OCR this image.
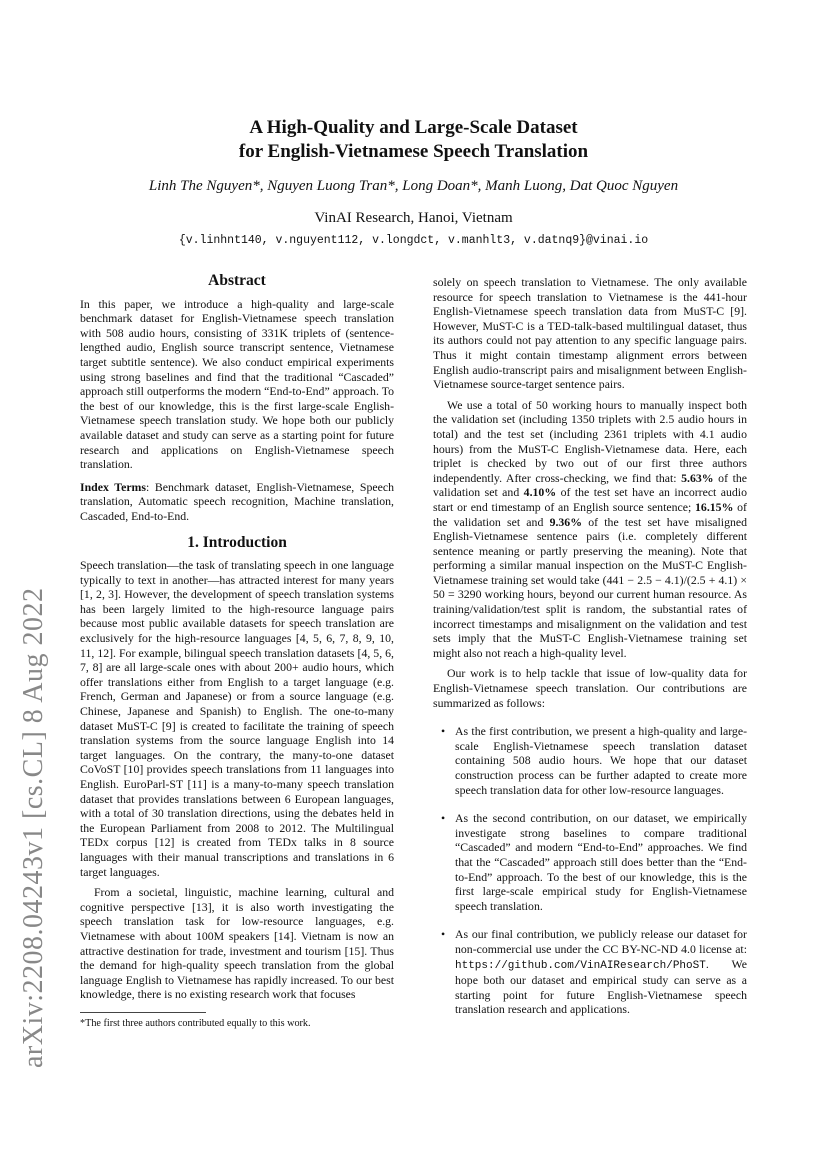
arXiv:2208.04243v1 [cs.CL] 8 Aug 2022
A High-Quality and Large-Scale Dataset
for English-Vietnamese Speech Translation
Linh The Nguyen*, Nguyen Luong Tran*, Long Doan*, Manh Luong, Dat Quoc Nguyen
VinAI Research, Hanoi, Vietnam
{v.linhnt140, v.nguyent112, v.longdct, v.manhlt3, v.datnq9}@vinai.io
Abstract

In this paper, we introduce a high-quality and large-scale benchmark dataset for English-Vietnamese speech translation with 508 audio hours, consisting of 331K triplets of (sentence-lengthed audio, English source transcript sentence, Vietnamese target subtitle sentence). We also conduct empirical experiments using strong baselines and find that the traditional “Cascaded” approach still outperforms the modern “End-to-End” approach. To the best of our knowledge, this is the first large-scale English-Vietnamese speech translation study. We hope both our publicly available dataset and study can serve as a starting point for future research and applications on English-Vietnamese speech translation.

Index Terms: Benchmark dataset, English-Vietnamese, Speech translation, Automatic speech recognition, Machine translation, Cascaded, End-to-End.

1. Introduction

Speech translation—the task of translating speech in one language typically to text in another—has attracted interest for many years [1, 2, 3]. However, the development of speech translation systems has been largely limited to the high-resource language pairs because most public available datasets for speech translation are exclusively for the high-resource languages [4, 5, 6, 7, 8, 9, 10, 11, 12]. For example, bilingual speech translation datasets [4, 5, 6, 7, 8] are all large-scale ones with about 200+ audio hours, which offer translations either from English to a target language (e.g. French, German and Japanese) or from a source language (e.g. Chinese, Japanese and Spanish) to English. The one-to-many dataset MuST-C [9] is created to facilitate the training of speech translation systems from the source language English into 14 target languages. On the contrary, the many-to-one dataset CoVoST [10] provides speech translations from 11 languages into English. EuroParl-ST [11] is a many-to-many speech translation dataset that provides translations between 6 European languages, with a total of 30 translation directions, using the debates held in the European Parliament from 2008 to 2012. The Multilingual TEDx corpus [12] is created from TEDx talks in 8 source languages with their manual transcriptions and translations in 6 target languages.

From a societal, linguistic, machine learning, cultural and cognitive perspective [13], it is also worth investigating the speech translation task for low-resource languages, e.g. Vietnamese with about 100M speakers [14]. Vietnam is now an attractive destination for trade, investment and tourism [15]. Thus the demand for high-quality speech translation from the global language English to Vietnamese has rapidly increased. To our best knowledge, there is no existing research work that focuses

*The first three authors contributed equally to this work.

solely on speech translation to Vietnamese. The only available resource for speech translation to Vietnamese is the 441-hour English-Vietnamese speech translation data from MuST-C [9]. However, MuST-C is a TED-talk-based multilingual dataset, thus its authors could not pay attention to any specific language pairs. Thus it might contain timestamp alignment errors between English audio-transcript pairs and misalignment between English-Vietnamese source-target sentence pairs.

We use a total of 50 working hours to manually inspect both the validation set (including 1350 triplets with 2.5 audio hours in total) and the test set (including 2361 triplets with 4.1 audio hours) from the MuST-C English-Vietnamese data. Here, each triplet is checked by two out of our first three authors independently. After cross-checking, we find that: 5.63% of the validation set and 4.10% of the test set have an incorrect audio start or end timestamp of an English source sentence; 16.15% of the validation set and 9.36% of the test set have misaligned English-Vietnamese sentence pairs (i.e. completely different sentence meaning or partly preserving the meaning). Note that performing a similar manual inspection on the MuST-C English-Vietnamese training set would take (441 − 2.5 − 4.1)/(2.5 + 4.1) × 50 = 3290 working hours, beyond our current human resource. As training/validation/test split is random, the substantial rates of incorrect timestamps and misalignment on the validation and test sets imply that the MuST-C English-Vietnamese training set might also not reach a high-quality level.

Our work is to help tackle that issue of low-quality data for English-Vietnamese speech translation. Our contributions are summarized as follows:

• As the first contribution, we present a high-quality and large-scale English-Vietnamese speech translation dataset containing 508 audio hours. We hope that our dataset construction process can be further adapted to create more speech translation data for other low-resource languages.
• As the second contribution, on our dataset, we empirically investigate strong baselines to compare traditional “Cascaded” and modern “End-to-End” approaches. We find that the “Cascaded” approach still does better than the “End-to-End” approach. To the best of our knowledge, this is the first large-scale empirical study for English-Vietnamese speech translation.
• As our final contribution, we publicly release our dataset for non-commercial use under the CC BY-NC-ND 4.0 license at: https://github.com/VinAIResearch/PhoST. We hope both our dataset and empirical study can serve as a starting point for future English-Vietnamese speech translation research and applications.
